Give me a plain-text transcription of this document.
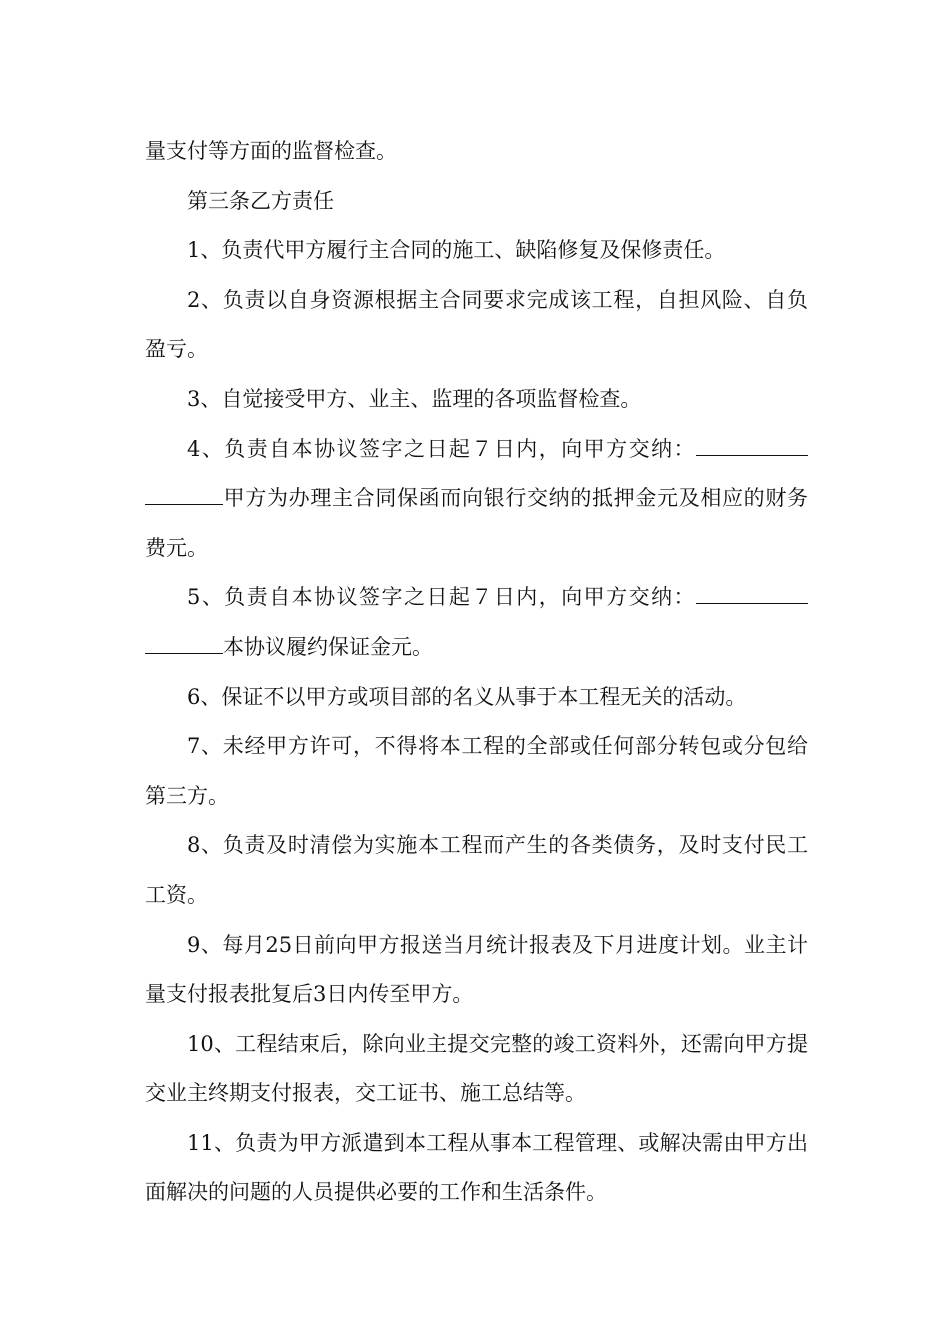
量支付等方面的监督检查。

第三条乙方责任

1、负责代甲方履行主合同的施工、缺陷修复及保修责任。

2、负责以自身资源根据主合同要求完成该工程，自担风险、自负盈亏。

3、自觉接受甲方、业主、监理的各项监督检查。

4、负责自本协议签字之日起７日内，向甲方交纳：甲方为办理主合同保函而向银行交纳的抵押金元及相应的财务费元。

5、负责自本协议签字之日起７日内，向甲方交纳：本协议履约保证金元。

6、保证不以甲方或项目部的名义从事于本工程无关的活动。

7、未经甲方许可，不得将本工程的全部或任何部分转包或分包给第三方。

8、负责及时清偿为实施本工程而产生的各类债务，及时支付民工工资。

9、每月25日前向甲方报送当月统计报表及下月进度计划。业主计量支付报表批复后3日内传至甲方。

10、工程结束后，除向业主提交完整的竣工资料外，还需向甲方提交业主终期支付报表，交工证书、施工总结等。

11、负责为甲方派遣到本工程从事本工程管理、或解决需由甲方出面解决的问题的人员提供必要的工作和生活条件。
